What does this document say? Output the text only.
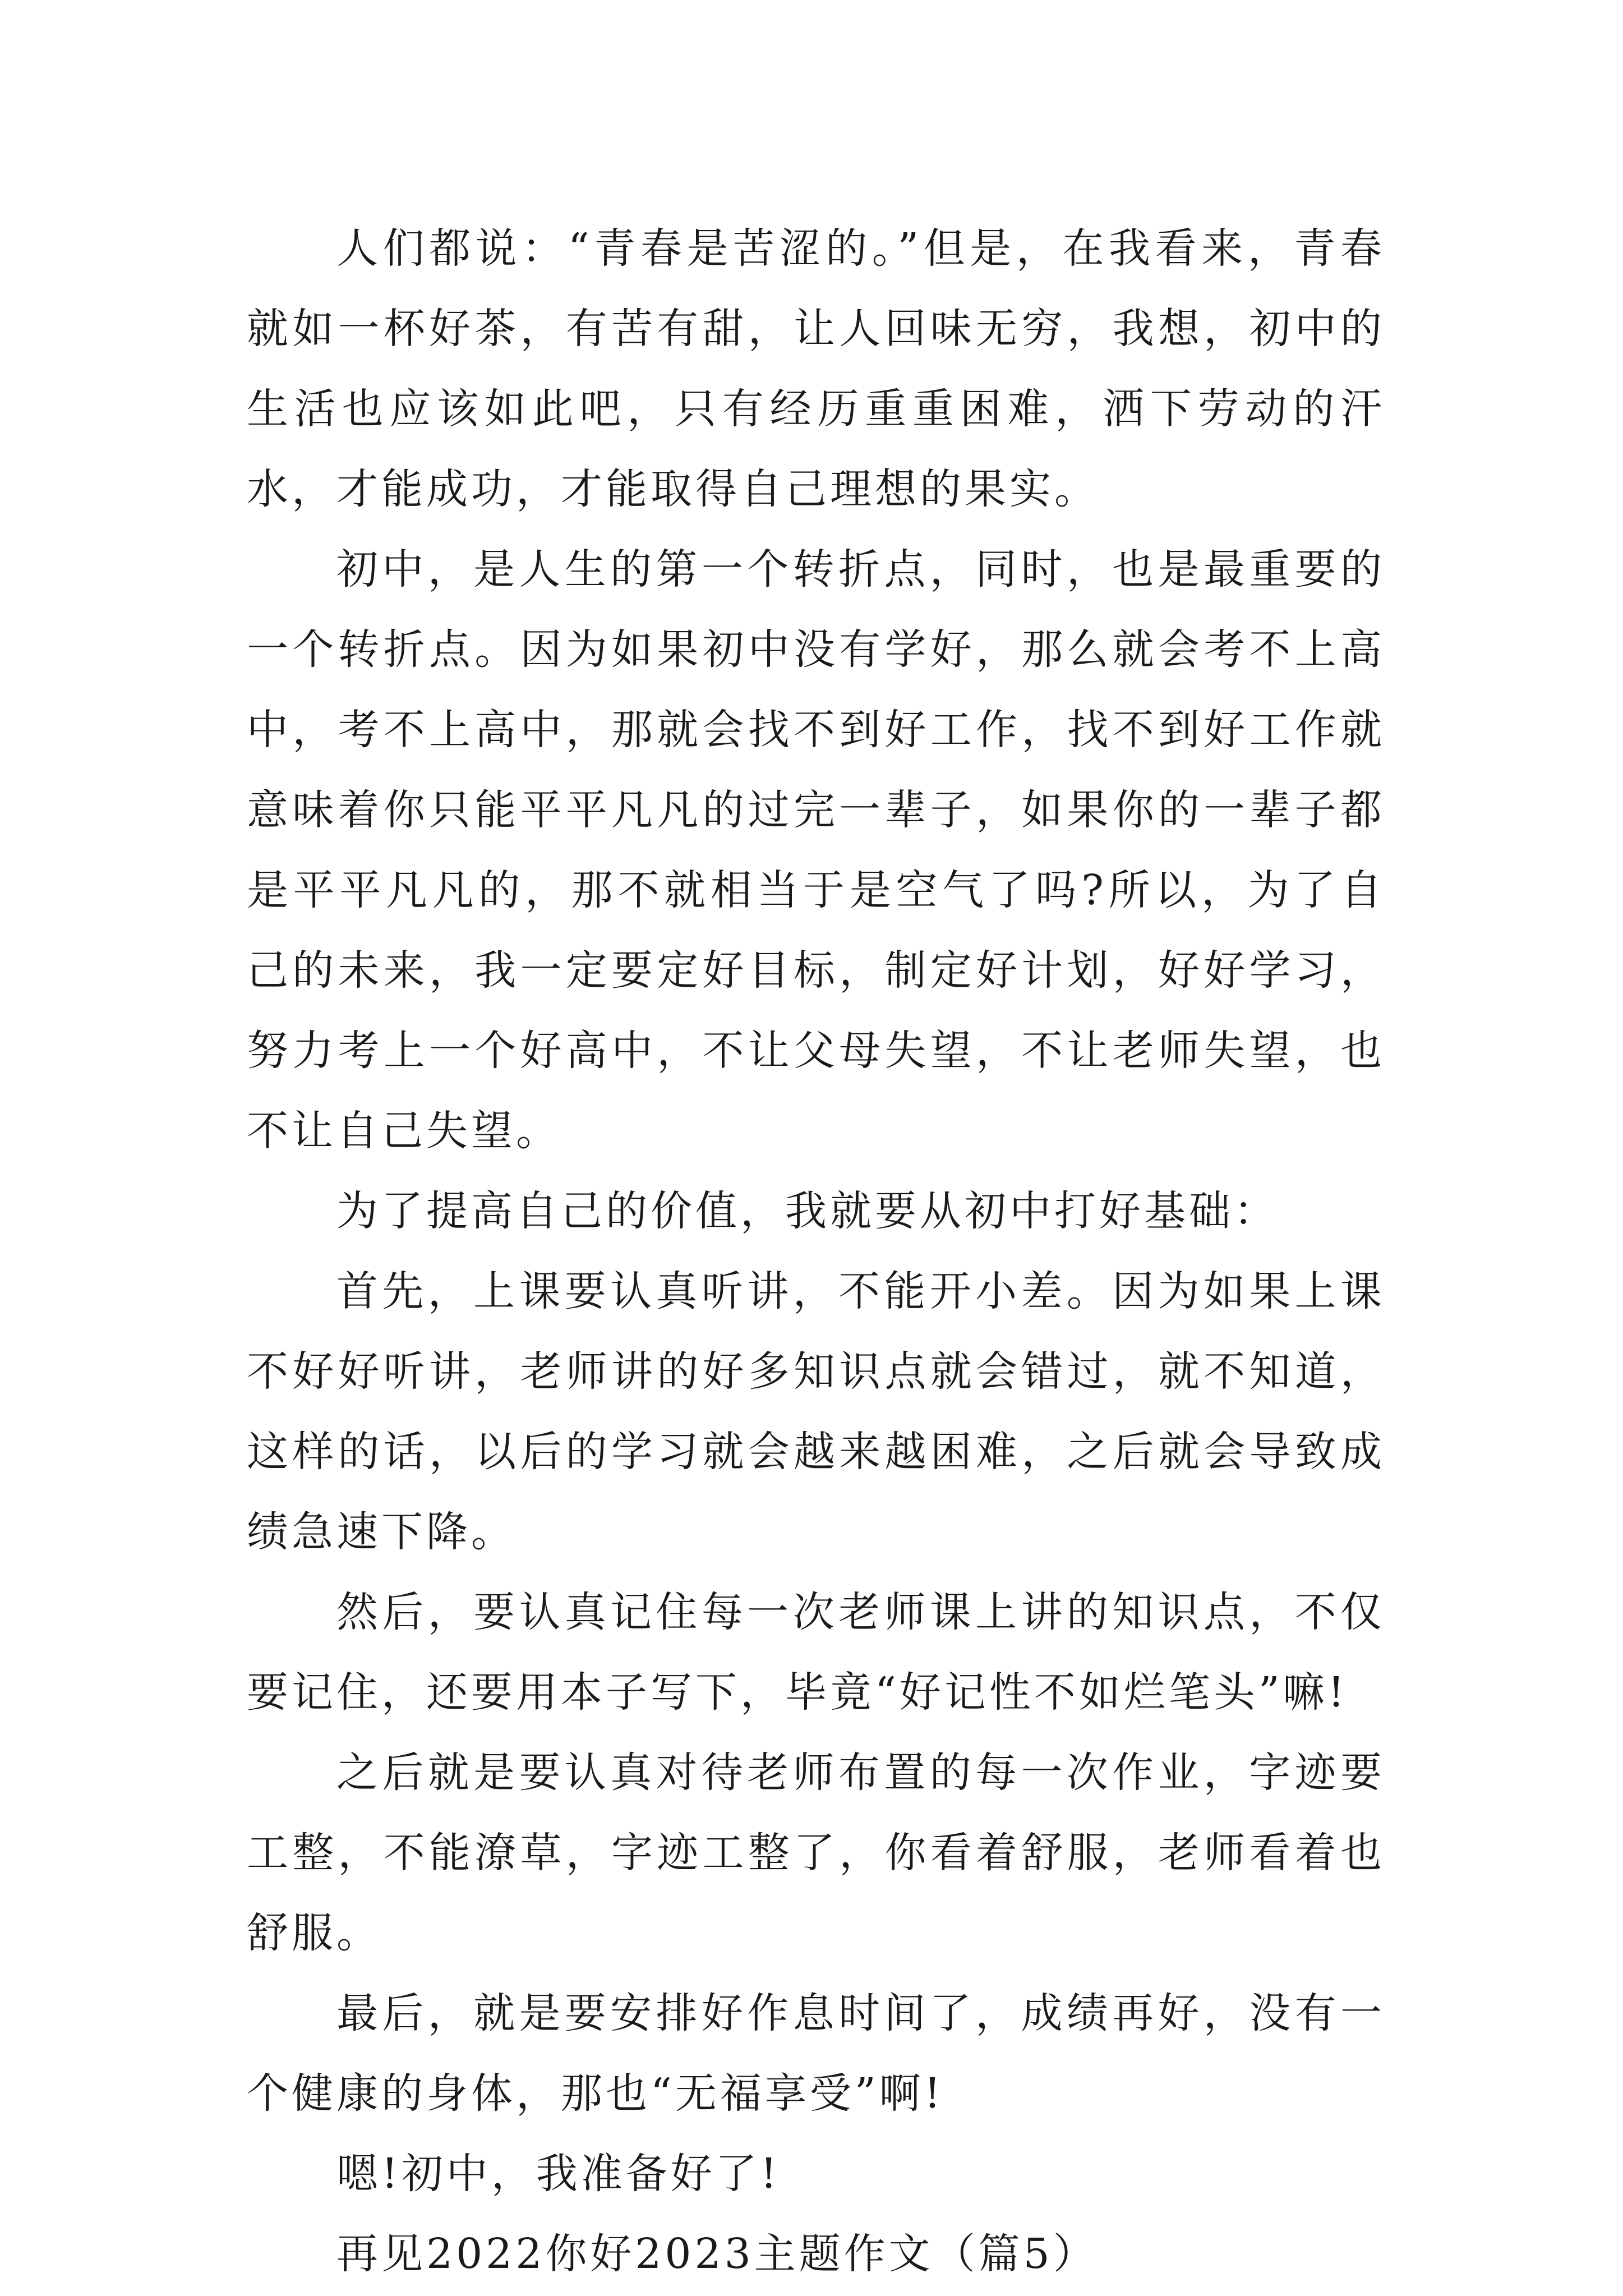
人们都说：“青春是苦涩的。”但是，在我看来，青春就如一杯好茶，有苦有甜，让人回味无穷，我想，初中的生活也应该如此吧，只有经历重重困难，洒下劳动的汗水，才能成功，才能取得自己理想的果实。

初中，是人生的第一个转折点，同时，也是最重要的一个转折点。因为如果初中没有学好，那么就会考不上高中，考不上高中，那就会找不到好工作，找不到好工作就意味着你只能平平凡凡的过完一辈子，如果你的一辈子都是平平凡凡的，那不就相当于是空气了吗?所以，为了自己的未来，我一定要定好目标，制定好计划，好好学习，努力考上一个好高中，不让父母失望，不让老师失望，也不让自己失望。

为了提高自己的价值，我就要从初中打好基础：

首先，上课要认真听讲，不能开小差。因为如果上课不好好听讲，老师讲的好多知识点就会错过，就不知道，这样的话，以后的学习就会越来越困难，之后就会导致成绩急速下降。

然后，要认真记住每一次老师课上讲的知识点，不仅要记住，还要用本子写下，毕竟“好记性不如烂笔头”嘛!

之后就是要认真对待老师布置的每一次作业，字迹要工整，不能潦草，字迹工整了，你看着舒服，老师看着也舒服。

最后，就是要安排好作息时间了，成绩再好，没有一个健康的身体，那也“无福享受”啊!

嗯!初中，我准备好了!

再见2022你好2023主题作文（篇5）
